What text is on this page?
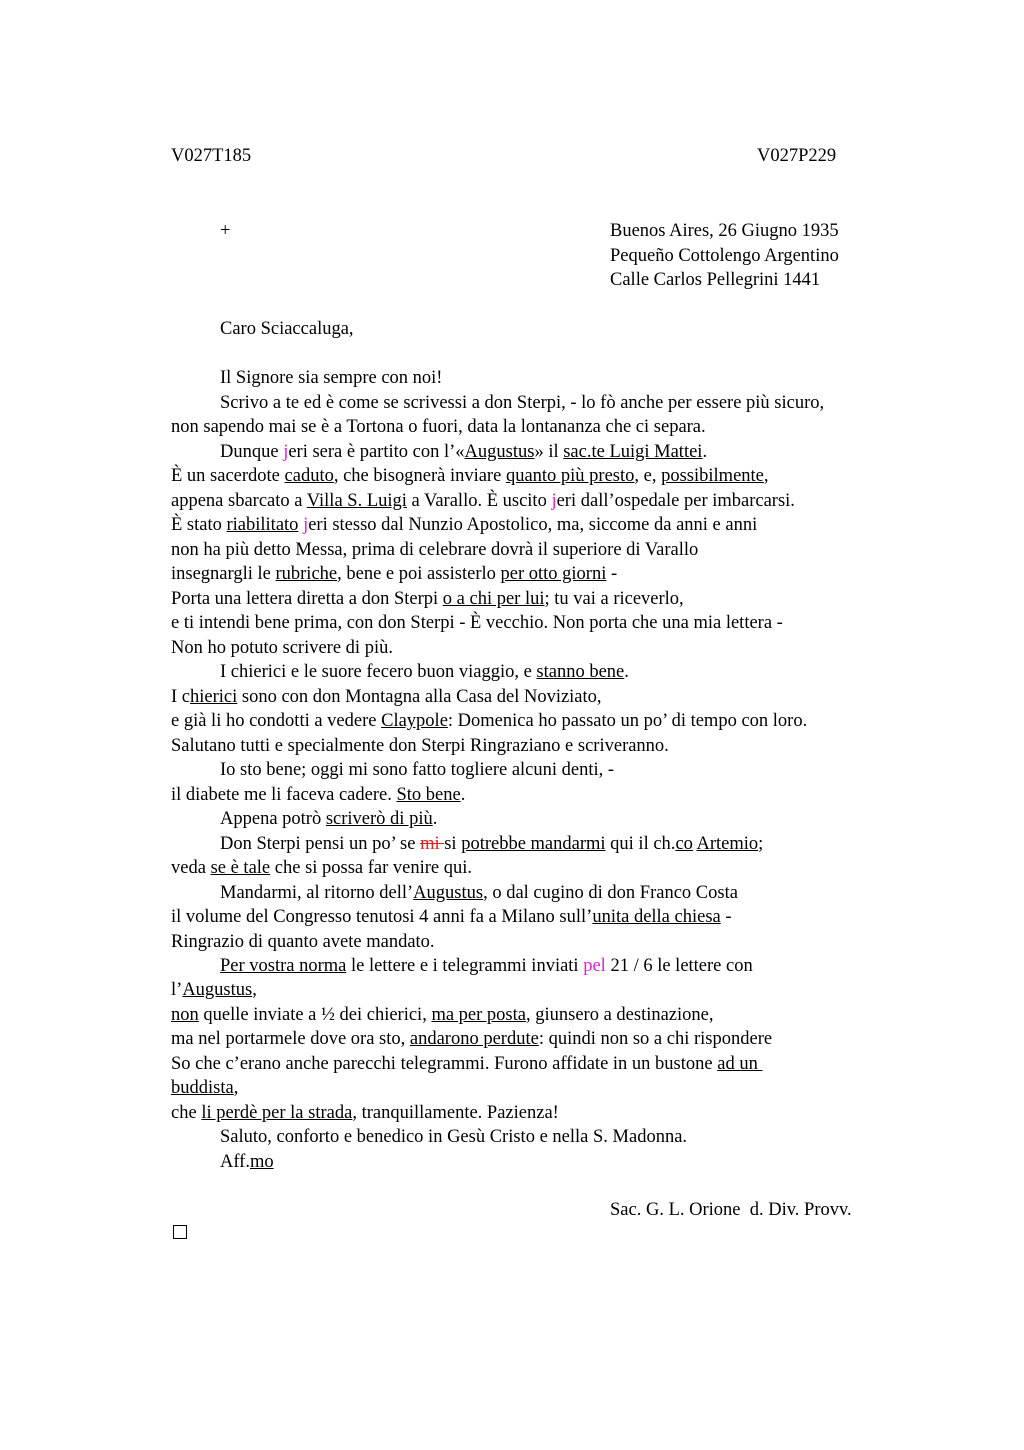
V027T185	V027P229
+	Buenos Aires, 26 Giugno 1935
Pequeño Cottolengo Argentino
Calle Carlos Pellegrini 1441
Caro Sciaccaluga,
Il Signore sia sempre con noi!
Scrivo a te ed è come se scrivessi a don Sterpi, - lo fò anche per essere più sicuro,
non sapendo mai se è a Tortona o fuori, data la lontananza che ci separa.
Dunque jeri sera è partito con l’«Augustus» il sac.te Luigi Mattei.
È un sacerdote caduto, che bisognerà inviare quanto più presto, e, possibilmente,
appena sbarcato a Villa S. Luigi a Varallo. È uscito jeri dall’ospedale per imbarcarsi.
È stato riabilitato jeri stesso dal Nunzio Apostolico, ma, siccome da anni e anni
non ha più detto Messa, prima di celebrare dovrà il superiore di Varallo
insegnargli le rubriche, bene e poi assisterlo per otto giorni -
Porta una lettera diretta a don Sterpi o a chi per lui; tu vai a riceverlo,
e ti intendi bene prima, con don Sterpi - È vecchio. Non porta che una mia lettera -
Non ho potuto scrivere di più.
I chierici e le suore fecero buon viaggio, e stanno bene.
I chierici sono con don Montagna alla Casa del Noviziato,
e già li ho condotti a vedere Claypole: Domenica ho passato un po’ di tempo con loro.
Salutano tutti e specialmente don Sterpi Ringraziano e scriveranno.
Io sto bene; oggi mi sono fatto togliere alcuni denti, -
il diabete me li faceva cadere. Sto bene.
Appena potrò scriverò di più.
Don Sterpi pensi un po’ se mi si potrebbe mandarmi qui il ch.co Artemio;
veda se è tale che si possa far venire qui.
Mandarmi, al ritorno dell’Augustus, o dal cugino di don Franco Costa
il volume del Congresso tenutosi 4 anni fa a Milano sull’unita della chiesa -
Ringrazio di quanto avete mandato.
Per vostra norma le lettere e i telegrammi inviati pel 21 / 6 le lettere con
l’Augustus,
non quelle inviate a ½ dei chierici, ma per posta, giunsero a destinazione,
ma nel portarmele dove ora sto, andarono perdute: quindi non so a chi rispondere
So che c’erano anche parecchi telegrammi. Furono affidate in un bustone ad un
buddista,
che li perdè per la strada, tranquillamente. Pazienza!
Saluto, conforto e benedico in Gesù Cristo e nella S. Madonna.
Aff.mo
Sac. G. L. Orione  d. Div. Provv.
